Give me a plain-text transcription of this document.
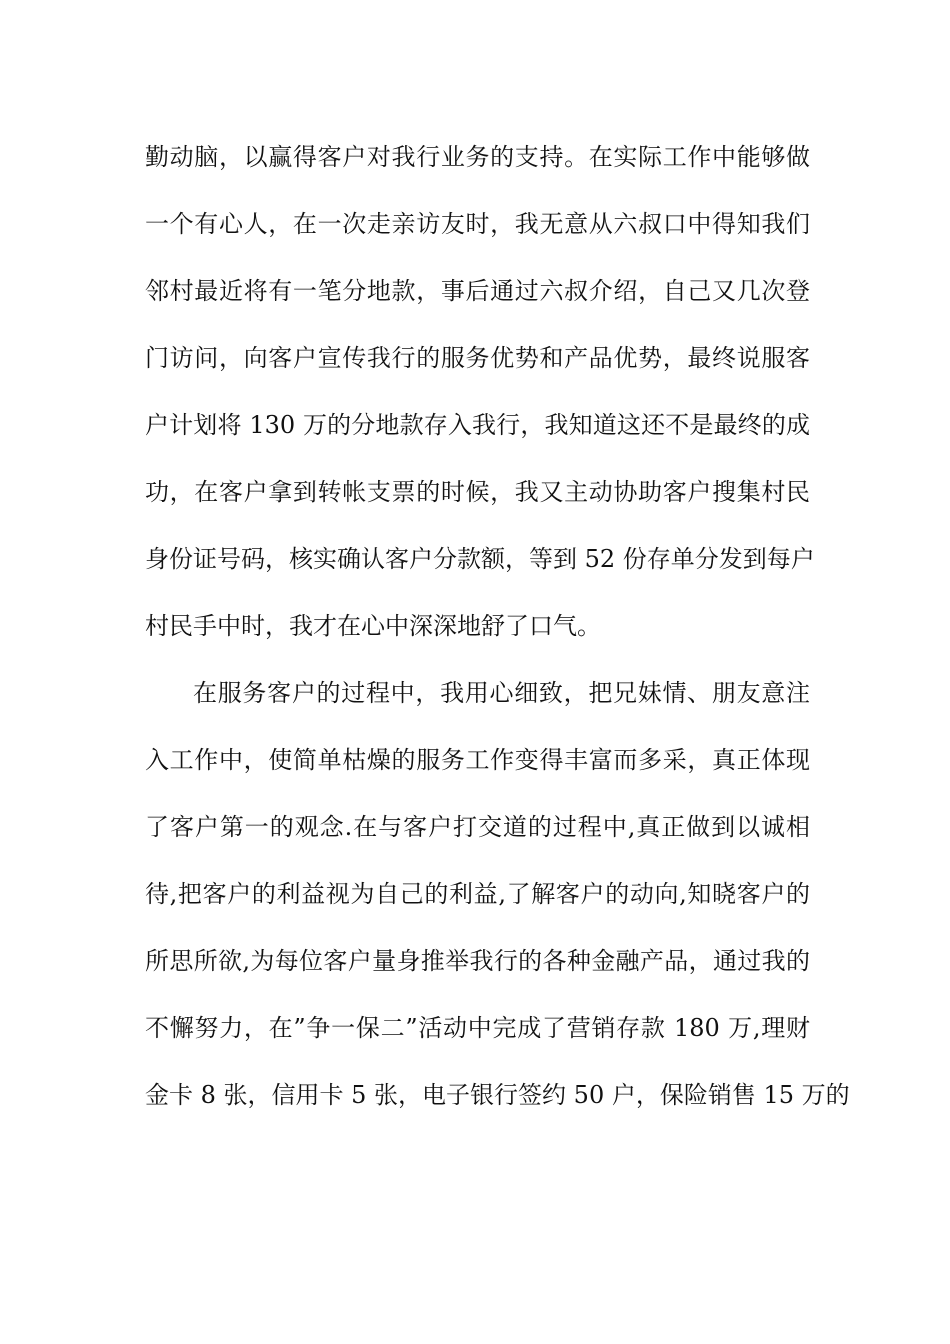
勤动脑，以赢得客户对我行业务的支持。在实际工作中能够做
一个有心人，在一次走亲访友时，我无意从六叔口中得知我们
邻村最近将有一笔分地款，事后通过六叔介绍，自己又几次登
门访问，向客户宣传我行的服务优势和产品优势，最终说服客
户计划将 130 万的分地款存入我行，我知道这还不是最终的成
功，在客户拿到转帐支票的时候，我又主动协助客户搜集村民
身份证号码，核实确认客户分款额，等到 52 份存单分发到每户
村民手中时，我才在心中深深地舒了口气。
在服务客户的过程中，我用心细致，把兄妹情、朋友意注
入工作中，使简单枯燥的服务工作变得丰富而多采，真正体现
了客户第一的观念.在与客户打交道的过程中,真正做到以诚相
待,把客户的利益视为自己的利益,了解客户的动向,知晓客户的
所思所欲,为每位客户量身推举我行的各种金融产品，通过我的
不懈努力，在”争一保二”活动中完成了营销存款 180 万,理财
金卡 8 张，信用卡 5 张，电子银行签约 50 户，保险销售 15 万的
